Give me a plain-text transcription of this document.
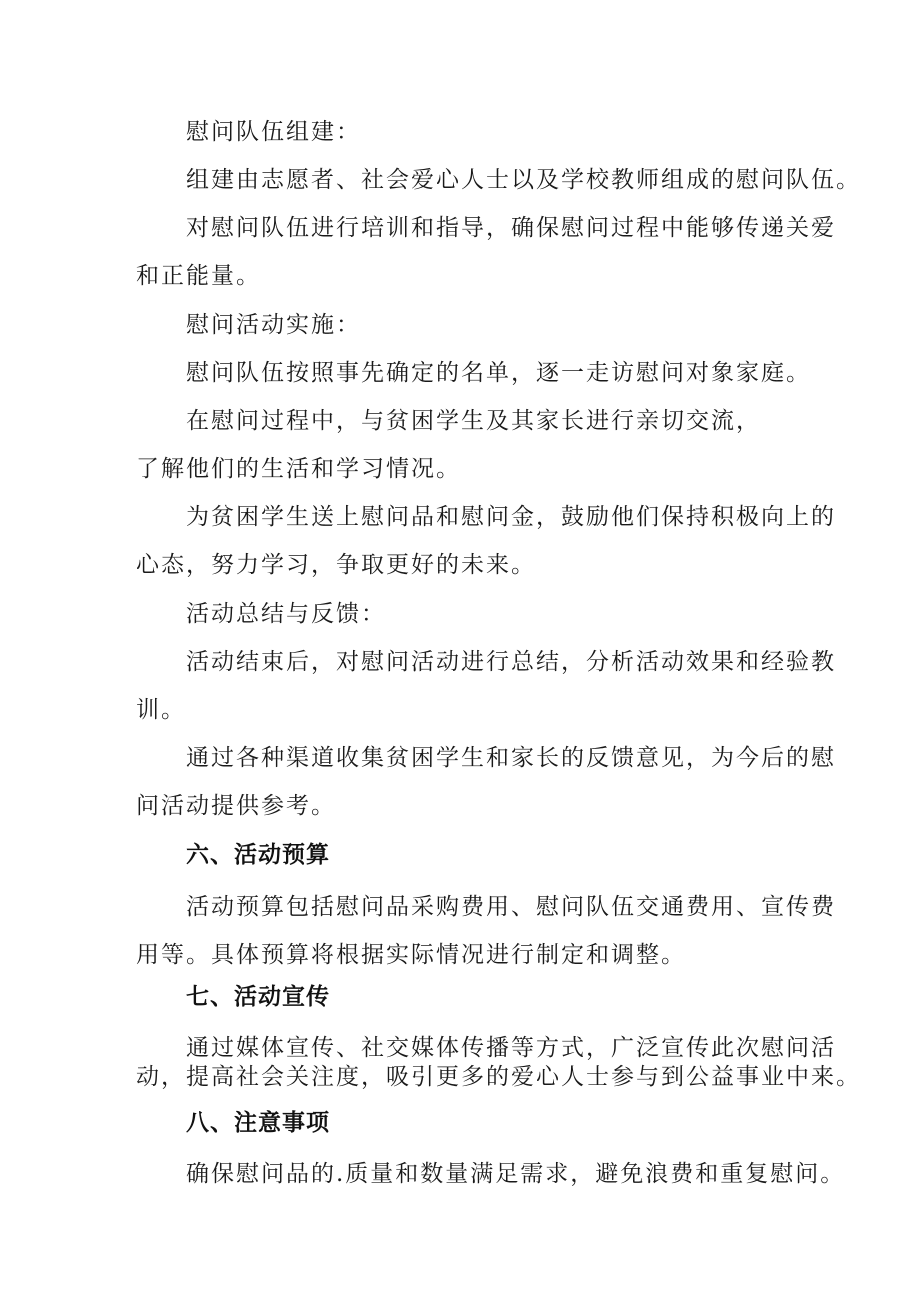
慰问队伍组建：
组建由志愿者、社会爱心人士以及学校教师组成的慰问队伍。
对慰问队伍进行培训和指导，确保慰问过程中能够传递关爱
和正能量。
慰问活动实施：
慰问队伍按照事先确定的名单，逐一走访慰问对象家庭。
在慰问过程中，与贫困学生及其家长进行亲切交流，
了解他们的生活和学习情况。
为贫困学生送上慰问品和慰问金，鼓励他们保持积极向上的
心态，努力学习，争取更好的未来。
活动总结与反馈：
活动结束后，对慰问活动进行总结，分析活动效果和经验教
训。
通过各种渠道收集贫困学生和家长的反馈意见，为今后的慰
问活动提供参考。
六、活动预算
活动预算包括慰问品采购费用、慰问队伍交通费用、宣传费
用等。具体预算将根据实际情况进行制定和调整。
七、活动宣传
通过媒体宣传、社交媒体传播等方式，广泛宣传此次慰问活
动，提高社会关注度，吸引更多的爱心人士参与到公益事业中来。
八、注意事项
确保慰问品的.质量和数量满足需求，避免浪费和重复慰问。
